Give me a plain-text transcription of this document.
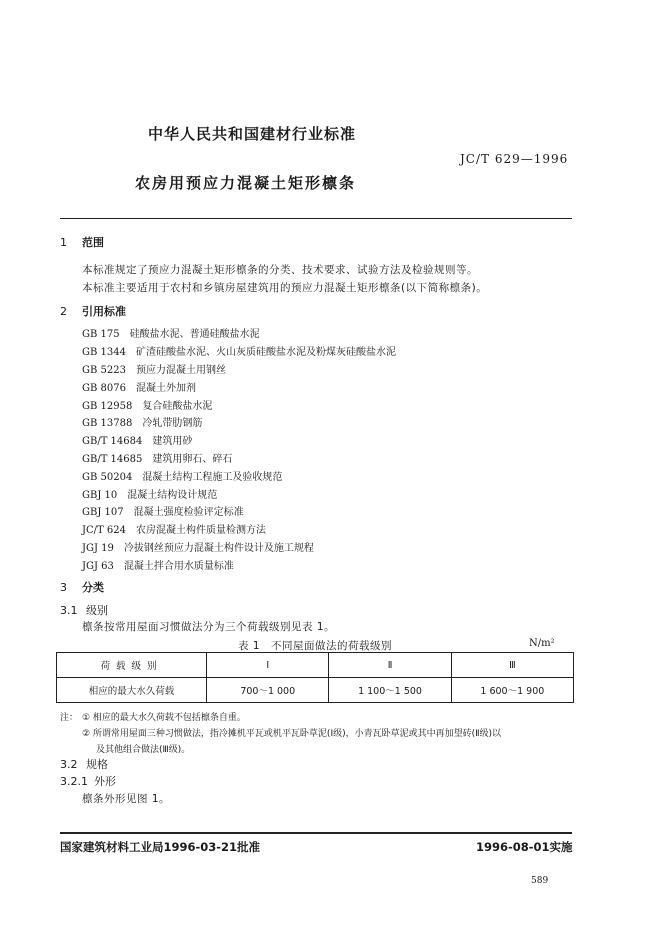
中华人民共和国建材行业标准
JC/T 629—1996
农房用预应力混凝土矩形檩条
1 范围
本标准规定了预应力混凝土矩形檩条的分类、技术要求、试验方法及检验规则等。
本标准主要适用于农村和乡镇房屋建筑用的预应力混凝土矩形檩条(以下简称檩条)。
2 引用标准
GB 175 硅酸盐水泥、普通硅酸盐水泥
GB 1344 矿渣硅酸盐水泥、火山灰质硅酸盐水泥及粉煤灰硅酸盐水泥
GB 5223 预应力混凝土用钢丝
GB 8076 混凝土外加剂
GB 12958 复合硅酸盐水泥
GB 13788 冷轧带肋钢筋
GB/T 14684 建筑用砂
GB/T 14685 建筑用卵石、碎石
GB 50204 混凝土结构工程施工及验收规范
GBJ 10 混凝土结构设计规范
GBJ 107 混凝土强度检验评定标准
JC/T 624 农房混凝土构件质量检测方法
JGJ 19 冷拔钢丝预应力混凝土构件设计及施工规程
JGJ 63 混凝土拌合用水质量标准
3 分类
3.1 级别
檩条按常用屋面习惯做法分为三个荷载级别见表 1。
表 1　不同屋面做法的荷载级别	N/m²
荷载级别	Ⅰ	Ⅱ	Ⅲ
相应的最大水久荷载	700～1 000	1 100～1 500	1 600～1 900
注： ① 相应的最大水久荷载不包括檩条自重。
② 所谓常用屋面三种习惯做法，指冷摊机平瓦或机平瓦卧草泥(Ⅰ级)，小青瓦卧草泥或其中再加望砖(Ⅱ级)以
及其他组合做法(Ⅲ级)。
3.2 规格
3.2.1 外形
檩条外形见图 1。
国家建筑材料工业局1996-03-21批准	1996-08-01实施
589
